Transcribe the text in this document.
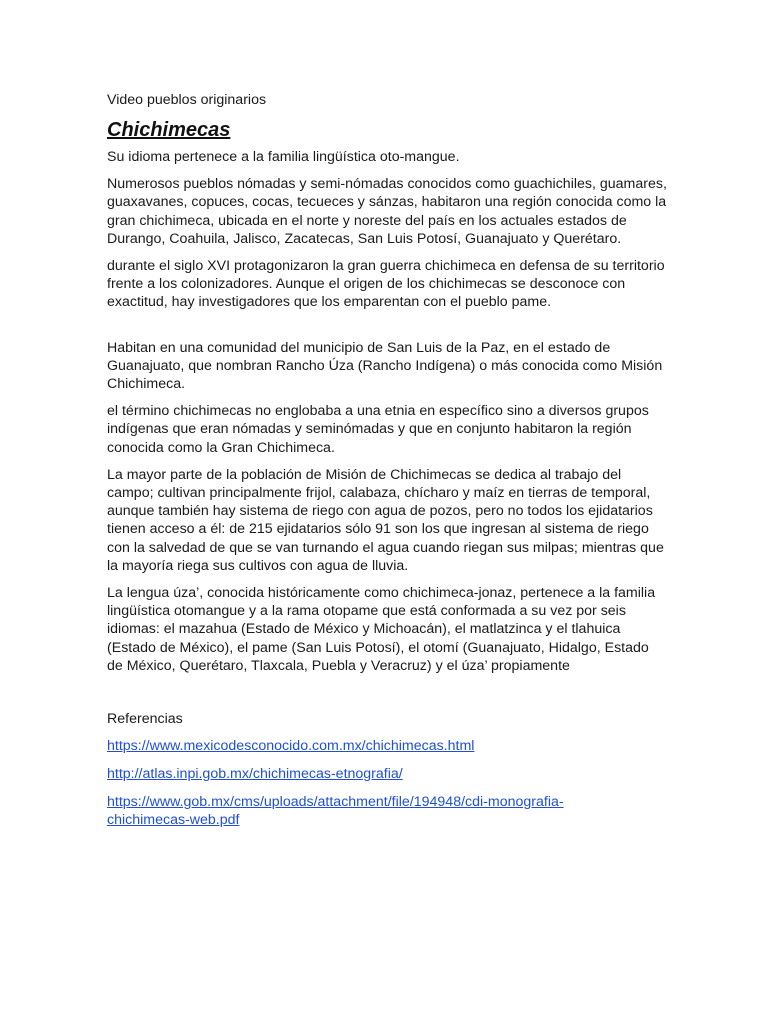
Video pueblos originarios
Chichimecas

Su idioma pertenece a la familia lingüística oto-mangue.

Numerosos pueblos nómadas y semi-nómadas conocidos como guachichiles, guamares, guaxavanes, copuces, cocas, tecueces y sánzas, habitaron una región conocida como la gran chichimeca, ubicada en el norte y noreste del país en los actuales estados de Durango, Coahuila, Jalisco, Zacatecas, San Luis Potosí, Guanajuato y Querétaro.

durante el siglo XVI protagonizaron la gran guerra chichimeca en defensa de su territorio frente a los colonizadores. Aunque el origen de los chichimecas se desconoce con exactitud, hay investigadores que los emparentan con el pueblo pame.

Habitan en una comunidad del municipio de San Luis de la Paz, en el estado de Guanajuato, que nombran Rancho Úza (Rancho Indígena) o más conocida como Misión Chichimeca.

el término chichimecas no englobaba a una etnia en específico sino a diversos grupos indígenas que eran nómadas y seminómadas y que en conjunto habitaron la región conocida como la Gran Chichimeca.

La mayor parte de la población de Misión de Chichimecas se dedica al trabajo del campo; cultivan principalmente frijol, calabaza, chícharo y maíz en tierras de temporal, aunque también hay sistema de riego con agua de pozos, pero no todos los ejidatarios tienen acceso a él: de 215 ejidatarios sólo 91 son los que ingresan al sistema de riego con la salvedad de que se van turnando el agua cuando riegan sus milpas; mientras que la mayoría riega sus cultivos con agua de lluvia.

La lengua úza’, conocida históricamente como chichimeca-jonaz, pertenece a la familia lingüística otomangue y a la rama otopame que está conformada a su vez por seis idiomas: el mazahua (Estado de México y Michoacán), el matlatzinca y el tlahuica (Estado de México), el pame (San Luis Potosí), el otomí (Guanajuato, Hidalgo, Estado de México, Querétaro, Tlaxcala, Puebla y Veracruz) y el úza’ propiamente

Referencias
https://www.mexicodesconocido.com.mx/chichimecas.html
http://atlas.inpi.gob.mx/chichimecas-etnografia/
https://www.gob.mx/cms/uploads/attachment/file/194948/cdi-monografia-chichimecas-web.pdf
